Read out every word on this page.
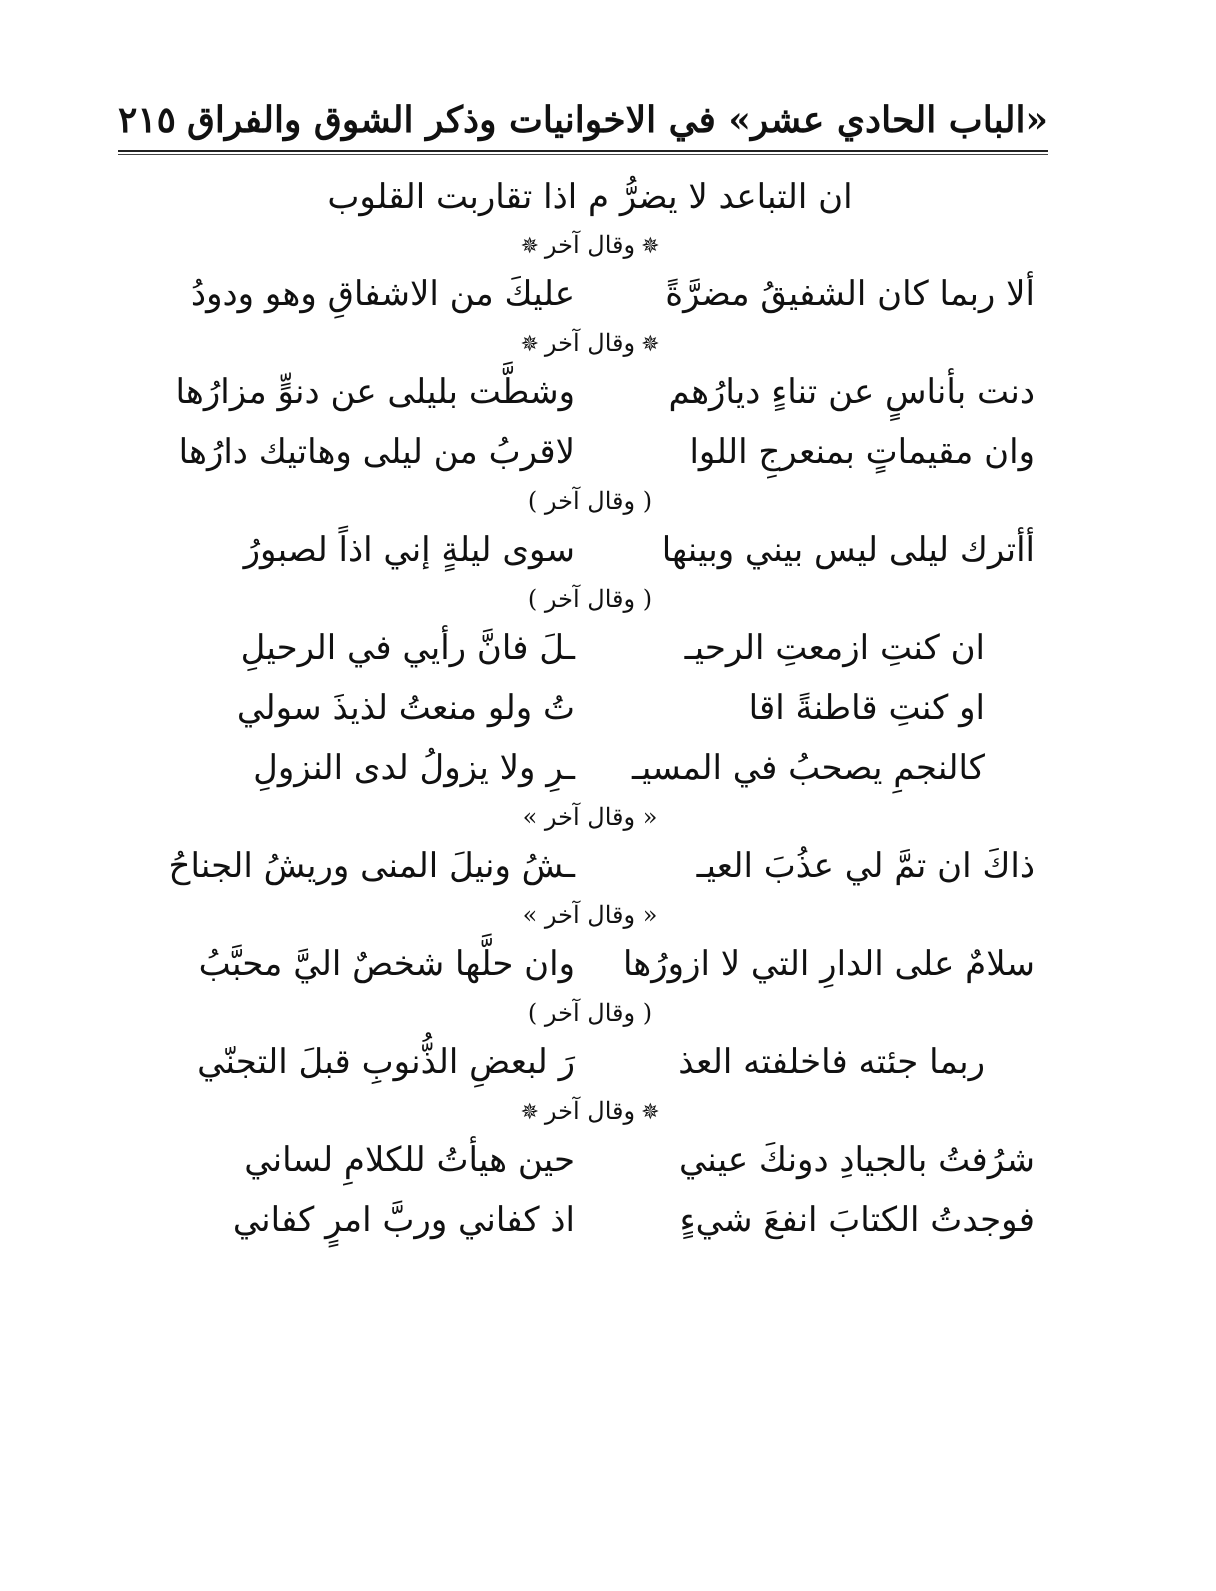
«الباب الحادي عشر» في الاخوانيات وذكر الشوق والفراق
٢١٥
ان التباعد لا يضرُّ م اذا تقاربت القلوب
✵وقال آخر✵
ألا ربما كان الشفيقُ مضرَّةً
عليكَ من الاشفاقِ وهو ودودُ
✵وقال آخر✵
دنت بأناسٍ عن تناءٍ ديارُهم
وشطَّت بليلى عن دنوٍّ مزارُها
وان مقيماتٍ بمنعرجِ اللوا
لاقربُ من ليلى وهاتيك دارُها
( وقال آخر )
أأترك ليلى ليس بيني وبينها
سوى ليلةٍ إني اذاً لصبورُ
( وقال آخر )
ان كنتِ ازمعتِ الرحيـ
ـلَ فانَّ رأيي في الرحيلِ
او كنتِ قاطنةً اقا
تُ ولو منعتُ لذيذَ سولي
كالنجمِ يصحبُ في المسيـ
ـرِ ولا يزولُ لدى النزولِ
« وقال آخر »
ذاكَ ان تمَّ لي عذُبَ العيـ
ـشُ ونيلَ المنى وريشُ الجناحُ
« وقال آخر »
سلامٌ على الدارِ التي لا ازورُها
وان حلَّها شخصٌ اليَّ محبَّبُ
( وقال آخر )
ربما جئته فاخلفته العذ
رَ لبعضِ الذُّنوبِ قبلَ التجنّي
✵وقال آخر✵
شرُفتُ بالجيادِ دونكَ عيني
حين هيأتُ للكلامِ لساني
فوجدتُ الكتابَ انفعَ شيءٍ
اذ كفاني وربَّ امرٍ كفاني
